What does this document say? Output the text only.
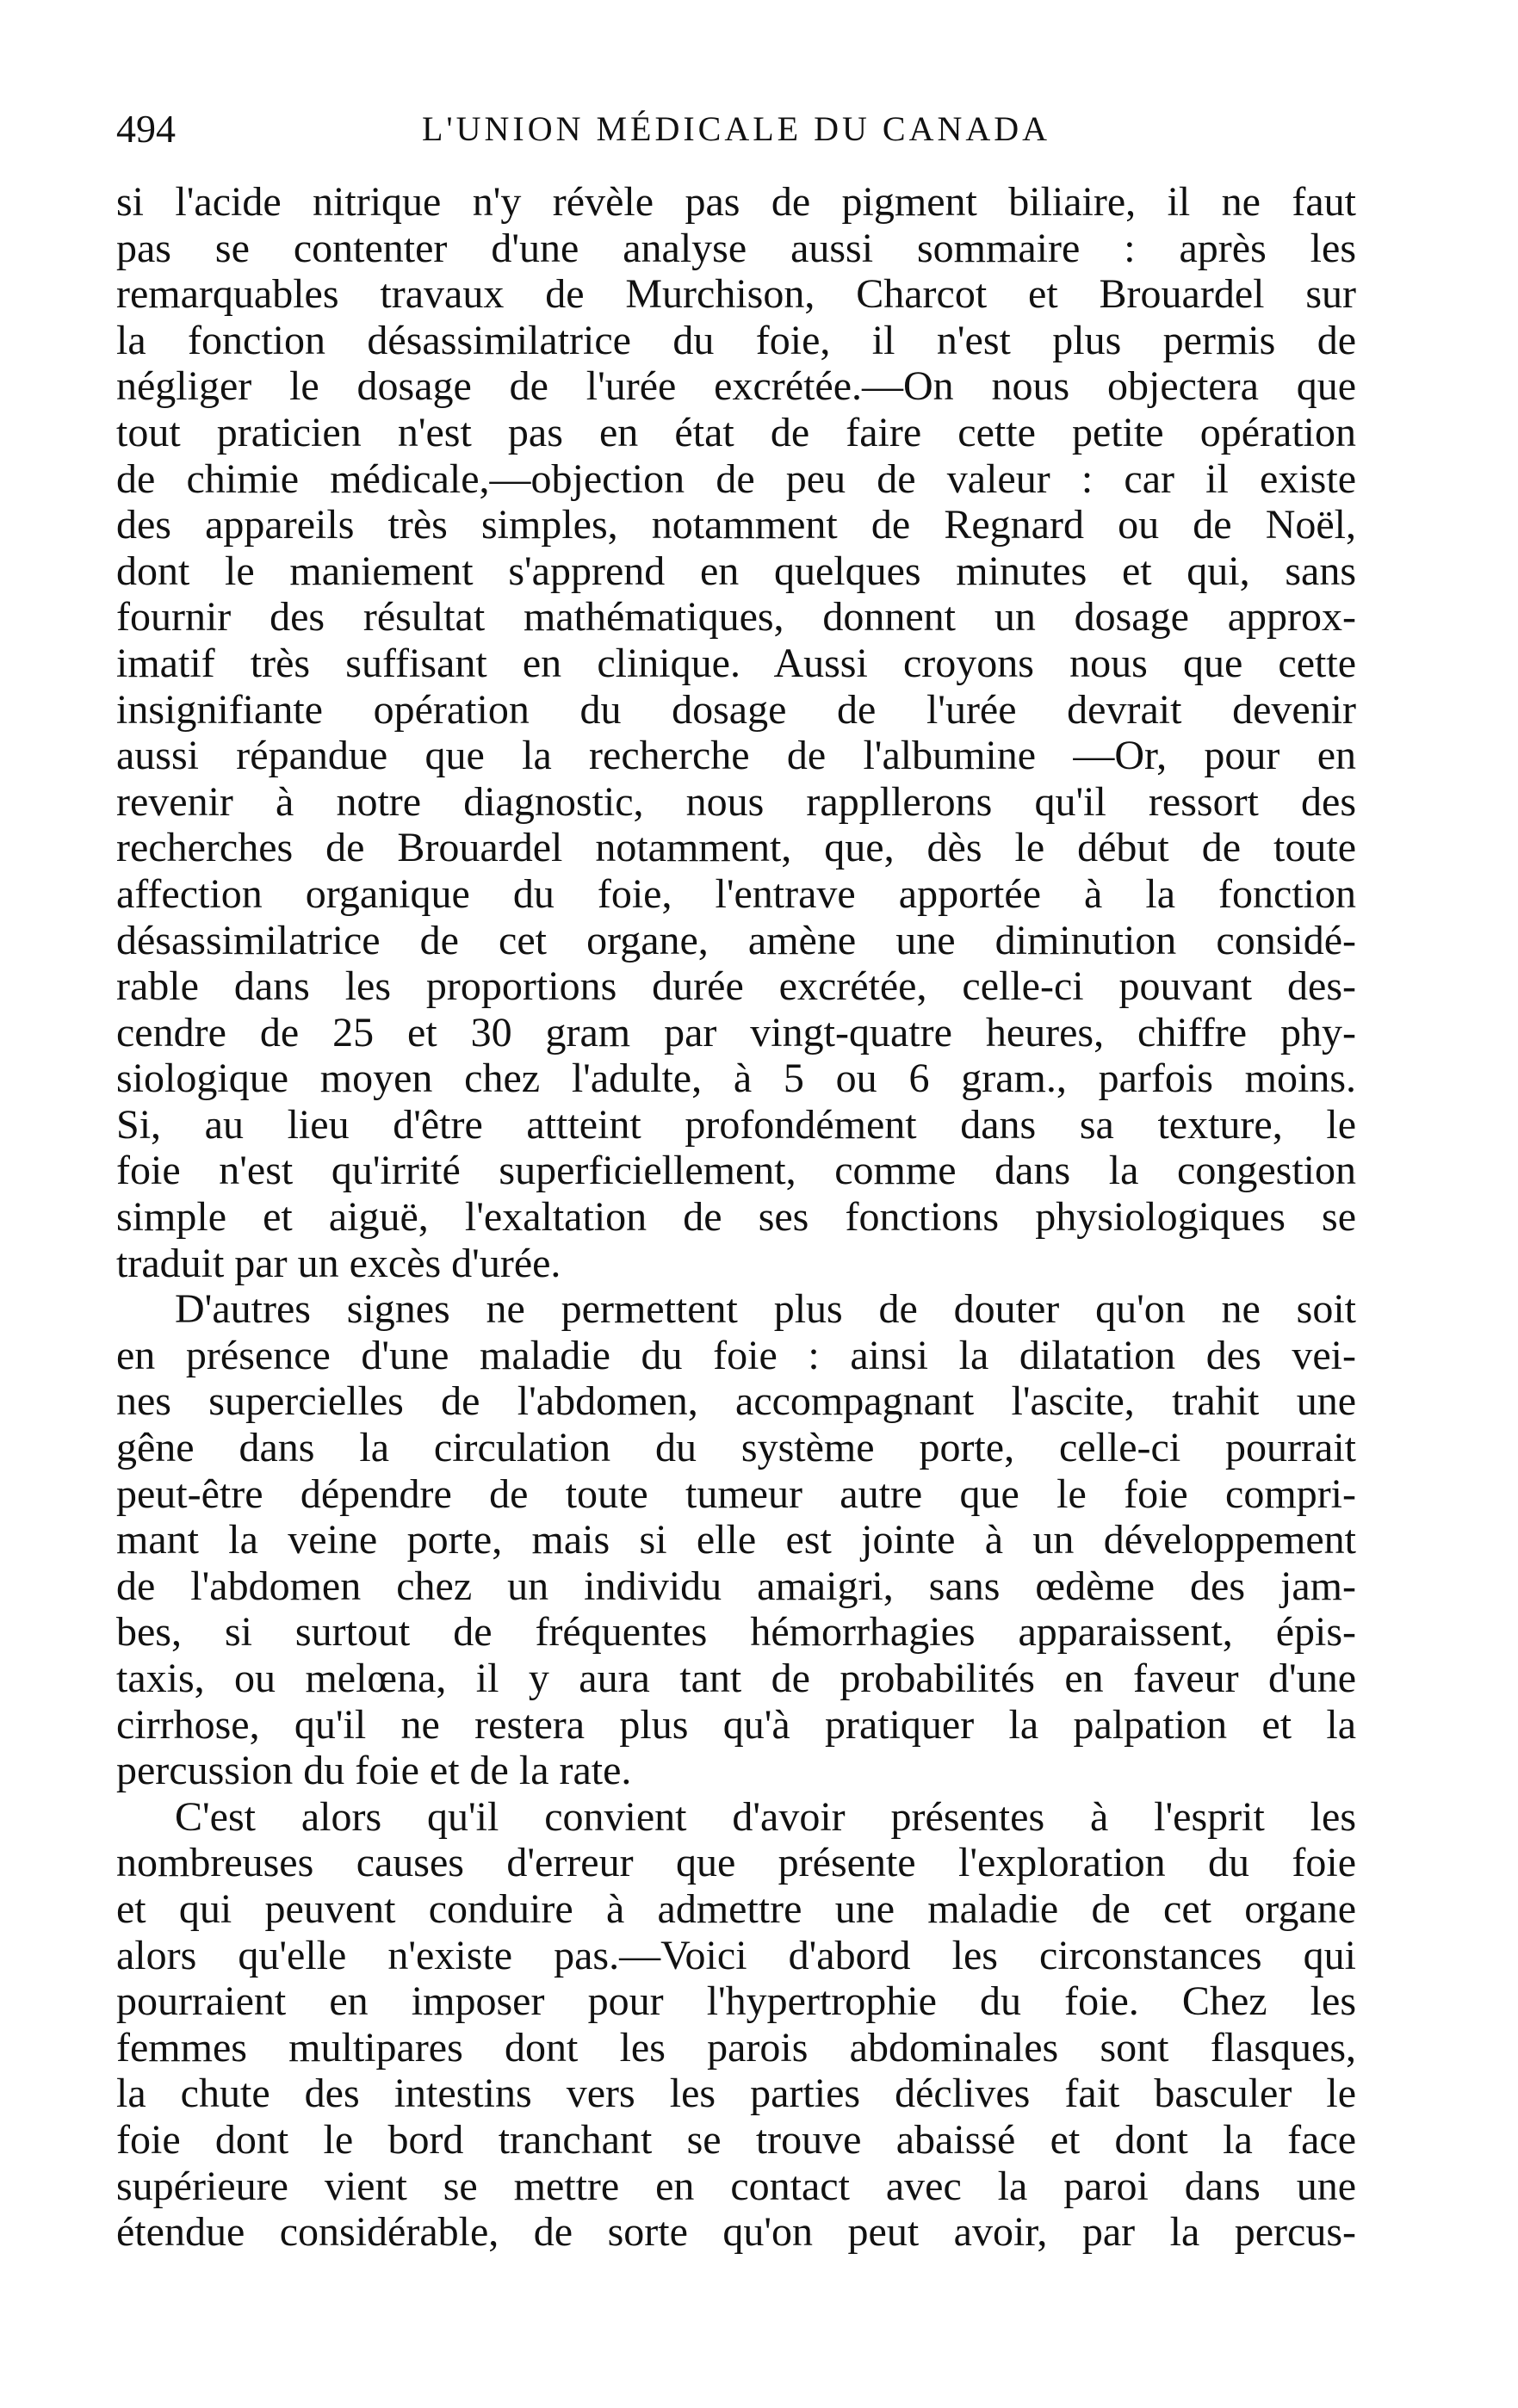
494	L'UNION MÉDICALE DU CANADA
si l'acide nitrique n'y révèle pas de pigment biliaire, il ne faut
pas se contenter d'une analyse aussi sommaire : après les
remarquables travaux de Murchison, Charcot et Brouardel sur
la fonction désassimilatrice du foie, il n'est plus permis de
négliger le dosage de l'urée excrétée.—On nous objectera que
tout praticien n'est pas en état de faire cette petite opération
de chimie médicale,—objection de peu de valeur : car il existe
des appareils très simples, notamment de Regnard ou de Noël,
dont le maniement s'apprend en quelques minutes et qui, sans
fournir des résultat mathématiques, donnent un dosage approx-
imatif très suffisant en clinique. Aussi croyons nous que cette
insignifiante opération du dosage de l'urée devrait devenir
aussi répandue que la recherche de l'albumine —Or, pour en
revenir à notre diagnostic, nous rappllerons qu'il ressort des
recherches de Brouardel notamment, que, dès le début de toute
affection organique du foie, l'entrave apportée à la fonction
désassimilatrice de cet organe, amène une diminution considé-
rable dans les proportions durée excrétée, celle-ci pouvant des-
cendre de 25 et 30 gram par vingt-quatre heures, chiffre phy-
siologique moyen chez l'adulte, à 5 ou 6 gram., parfois moins.
Si, au lieu d'être attteint profondément dans sa texture, le
foie n'est qu'irrité superficiellement, comme dans la congestion
simple et aiguë, l'exaltation de ses fonctions physiologiques se
traduit par un excès d'urée.
D'autres signes ne permettent plus de douter qu'on ne soit
en présence d'une maladie du foie : ainsi la dilatation des vei-
nes supercielles de l'abdomen, accompagnant l'ascite, trahit une
gêne dans la circulation du système porte, celle-ci pourrait
peut-être dépendre de toute tumeur autre que le foie compri-
mant la veine porte, mais si elle est jointe à un développement
de l'abdomen chez un individu amaigri, sans œdème des jam-
bes, si surtout de fréquentes hémorrhagies apparaissent, épis-
taxis, ou melœna, il y aura tant de probabilités en faveur d'une
cirrhose, qu'il ne restera plus qu'à pratiquer la palpation et la
percussion du foie et de la rate.
C'est alors qu'il convient d'avoir présentes à l'esprit les
nombreuses causes d'erreur que présente l'exploration du foie
et qui peuvent conduire à admettre une maladie de cet organe
alors qu'elle n'existe pas.—Voici d'abord les circonstances qui
pourraient en imposer pour l'hypertrophie du foie. Chez les
femmes multipares dont les parois abdominales sont flasques,
la chute des intestins vers les parties déclives fait basculer le
foie dont le bord tranchant se trouve abaissé et dont la face
supérieure vient se mettre en contact avec la paroi dans une
étendue considérable, de sorte qu'on peut avoir, par la percus-
